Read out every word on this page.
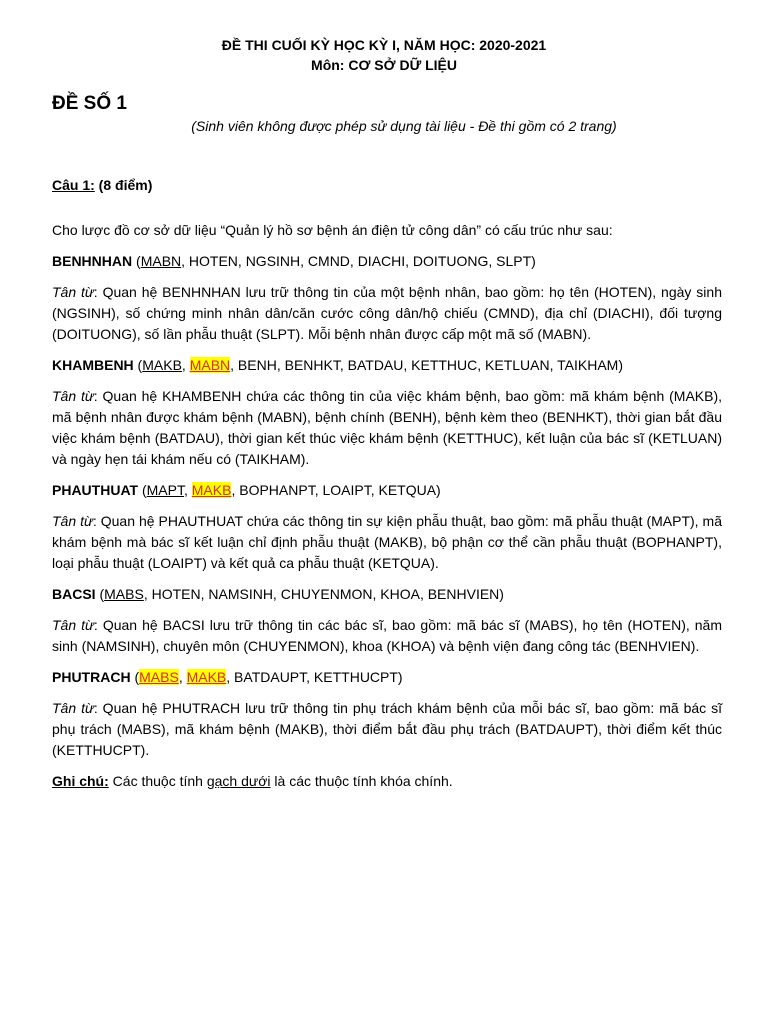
ĐỀ THI CUỐI KỲ HỌC KỲ I, NĂM HỌC: 2020-2021
Môn: CƠ SỞ DỮ LIỆU
ĐỀ SỐ 1
(Sinh viên không được phép sử dụng tài liệu - Đề thi gồm có 2 trang)
Câu 1: (8 điểm)

Cho lược đồ cơ sở dữ liệu “Quản lý hồ sơ bệnh án điện tử công dân” có cấu trúc như sau:

BENHNHAN (MABN, HOTEN, NGSINH, CMND, DIACHI, DOITUONG, SLPT)

Tân từ: Quan hệ BENHNHAN lưu trữ thông tin của một bệnh nhân, bao gồm: họ tên (HOTEN), ngày sinh (NGSINH), số chứng minh nhân dân/căn cước công dân/hộ chiếu (CMND), địa chỉ (DIACHI), đối tượng (DOITUONG), số lần phẫu thuật (SLPT). Mỗi bệnh nhân được cấp một mã số (MABN).

KHAMBENH (MAKB, MABN, BENH, BENHKT, BATDAU, KETTHUC, KETLUAN, TAIKHAM)

Tân từ: Quan hệ KHAMBENH chứa các thông tin của việc khám bệnh, bao gồm: mã khám bệnh (MAKB), mã bệnh nhân được khám bệnh (MABN), bệnh chính (BENH), bệnh kèm theo (BENHKT), thời gian bắt đầu việc khám bệnh (BATDAU), thời gian kết thúc việc khám bệnh (KETTHUC), kết luận của bác sĩ (KETLUAN) và ngày hẹn tái khám nếu có (TAIKHAM).

PHAUTHUAT (MAPT, MAKB, BOPHANPT, LOAIPT, KETQUA)

Tân từ: Quan hệ PHAUTHUAT chứa các thông tin sự kiện phẫu thuật, bao gồm: mã phẫu thuật (MAPT), mã khám bệnh mà bác sĩ kết luận chỉ định phẫu thuật (MAKB), bộ phận cơ thể cần phẫu thuật (BOPHANPT), loại phẫu thuật (LOAIPT) và kết quả ca phẫu thuật (KETQUA).

BACSI (MABS, HOTEN, NAMSINH, CHUYENMON, KHOA, BENHVIEN)

Tân từ: Quan hệ BACSI lưu trữ thông tin các bác sĩ, bao gồm: mã bác sĩ (MABS), họ tên (HOTEN), năm sinh (NAMSINH), chuyên môn (CHUYENMON), khoa (KHOA) và bệnh viện đang công tác (BENHVIEN).

PHUTRACH (MABS, MAKB, BATDAUPT, KETTHUCPT)

Tân từ: Quan hệ PHUTRACH lưu trữ thông tin phụ trách khám bệnh của mỗi bác sĩ, bao gồm: mã bác sĩ phụ trách (MABS), mã khám bệnh (MAKB), thời điểm bắt đầu phụ trách (BATDAUPT), thời điểm kết thúc (KETTHUCPT).

Ghi chú: Các thuộc tính gạch dưới là các thuộc tính khóa chính.
